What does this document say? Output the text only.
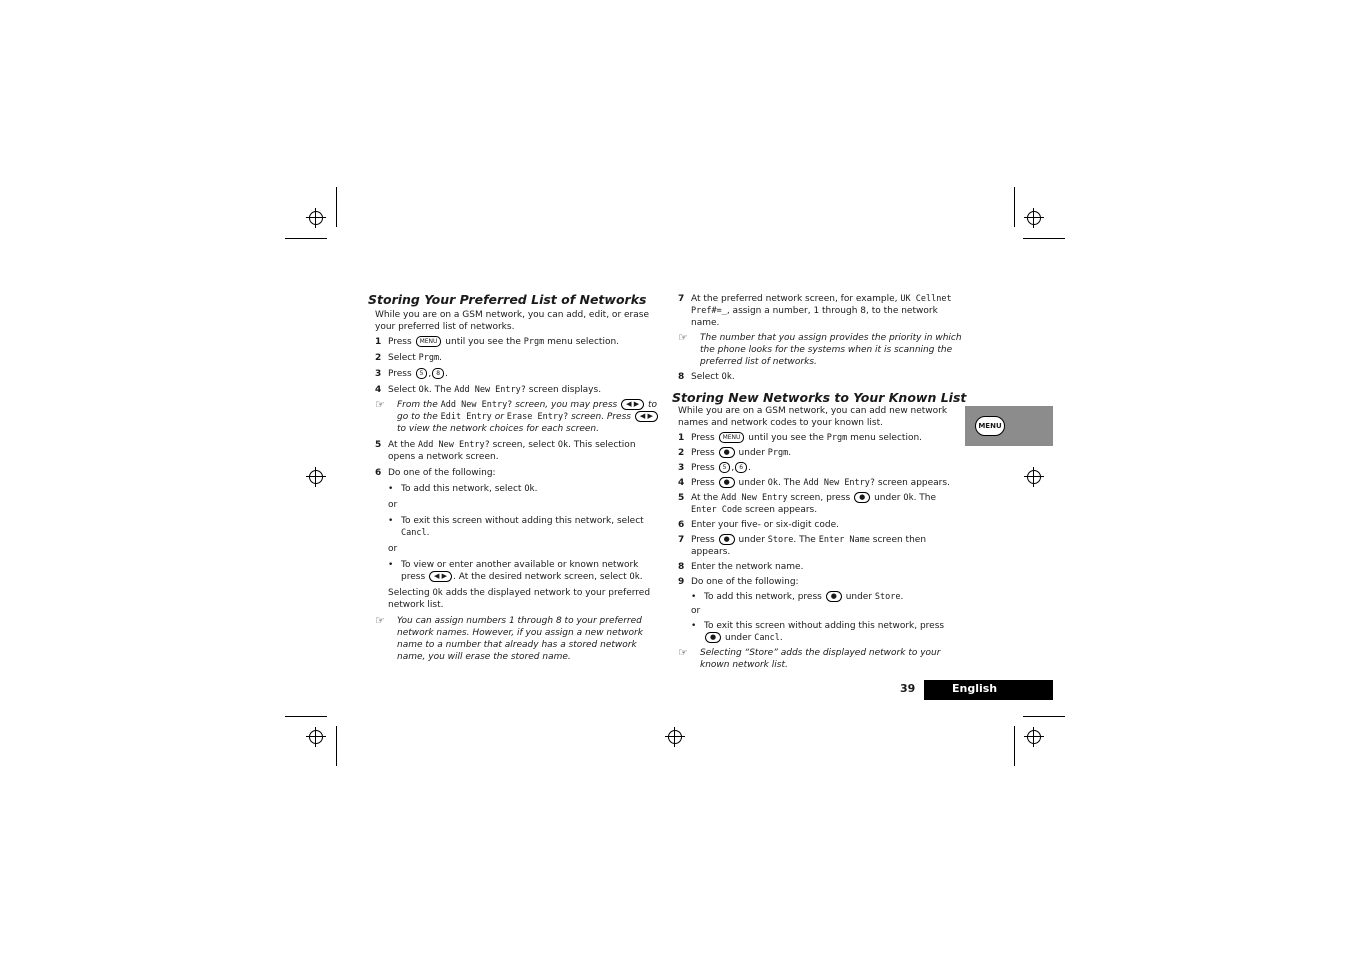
Storing Your Preferred List of Networks

While you are on a GSM network, you can add, edit, or erase your preferred list of networks.

1 Press MENU until you see the Prgm menu selection.
2 Select Prgm.
3 Press 5 , 8 .
4 Select Ok. The Add New Entry? screen displays.
☞ From the Add New Entry? screen, you may press ◀ ▶ to go to the Edit Entry or Erase Entry? screen. Press ◀ ▶ to view the network choices for each screen.
5 At the Add New Entry? screen, select Ok. This selection opens a network screen.
6 Do one of the following:
• To add this network, select Ok.

or

• To exit this screen without adding this network, select Cancl.

or

• To view or enter another available or known network press ◀ ▶ . At the desired network screen, select Ok.

Selecting Ok adds the displayed network to your preferred network list.

☞ You can assign numbers 1 through 8 to your preferred network names. However, if you assign a new network name to a number that already has a stored network name, you will erase the stored name.
7 At the preferred network screen, for example, UK Cellnet Pref#=_, assign a number, 1 through 8, to the network name.
☞ The number that you assign provides the priority in which the phone looks for the systems when it is scanning the preferred list of networks.
8 Select Ok.

Storing New Networks to Your Known List

While you are on a GSM network, you can add new network names and network codes to your known list.

1 Press MENU until you see the Prgm menu selection.
2 Press ● under Prgm.
3 Press 5 , 6 .
4 Press ● under Ok. The Add New Entry? screen appears.
5 At the Add New Entry screen, press ● under Ok. The Enter Code screen appears.
6 Enter your five- or six-digit code.
7 Press ● under Store. The Enter Name screen then appears.
8 Enter the network name.
9 Do one of the following:
• To add this network, press ● under Store.

or

• To exit this screen without adding this network, press ● under Cancl.
☞ Selecting “Store” adds the displayed network to your known network list.
MENU
39	English
